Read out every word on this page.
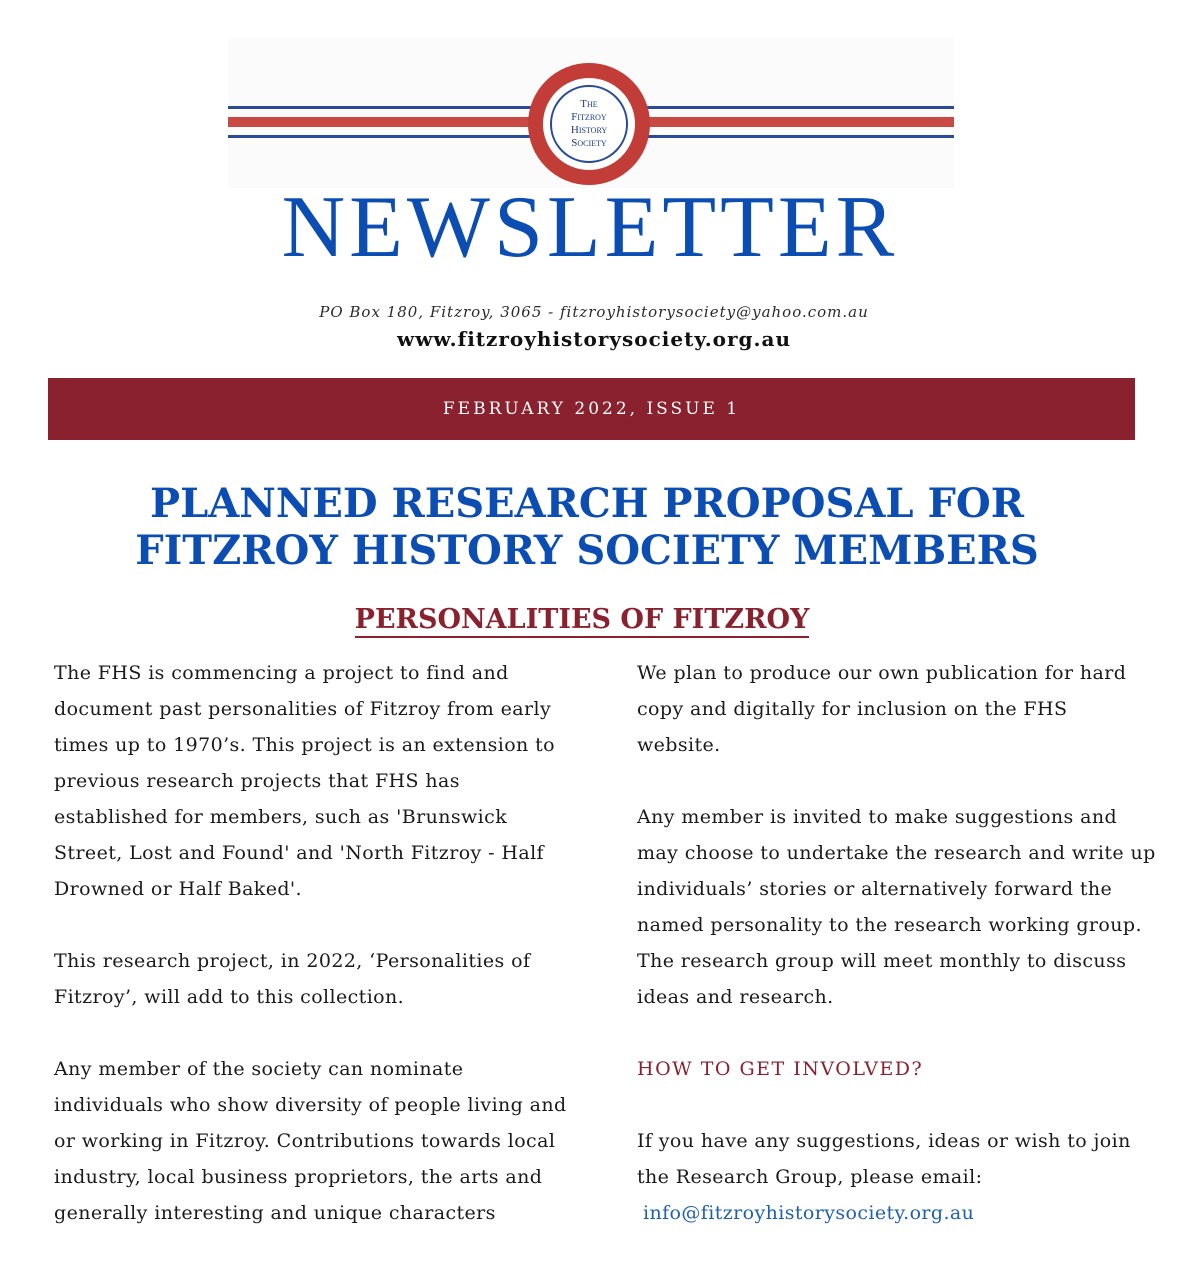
The
Fitzroy
History
Society
NEWSLETTER
PO Box 180, Fitzroy, 3065 - fitzroyhistorysociety@yahoo.com.au
www.fitzroyhistorysociety.org.au
FEBRUARY 2022, ISSUE 1
PLANNED RESEARCH PROPOSAL FOR
FITZROY HISTORY SOCIETY MEMBERS
PERSONALITIES OF FITZROY

The FHS is commencing a project to find and document past personalities of Fitzroy from early times up to 1970’s. This project is an extension to previous research projects that FHS has established for members, such as 'Brunswick Street, Lost and Found' and 'North Fitzroy - Half Drowned or Half Baked'.

This research project, in 2022, ‘Personalities of Fitzroy’, will add to this collection.

Any member of the society can nominate individuals who show diversity of people living and or working in Fitzroy. Contributions towards local industry, local business proprietors, the arts and generally interesting and unique characters

We plan to produce our own publication for hard copy and digitally for inclusion on the FHS website.

Any member is invited to make suggestions and may choose to undertake the research and write up individuals’ stories or alternatively forward the named personality to the research working group. The research group will meet monthly to discuss ideas and research.

HOW TO GET INVOLVED?

If you have any suggestions, ideas or wish to join the Research Group, please email:
info@fitzroyhistorysociety.org.au
